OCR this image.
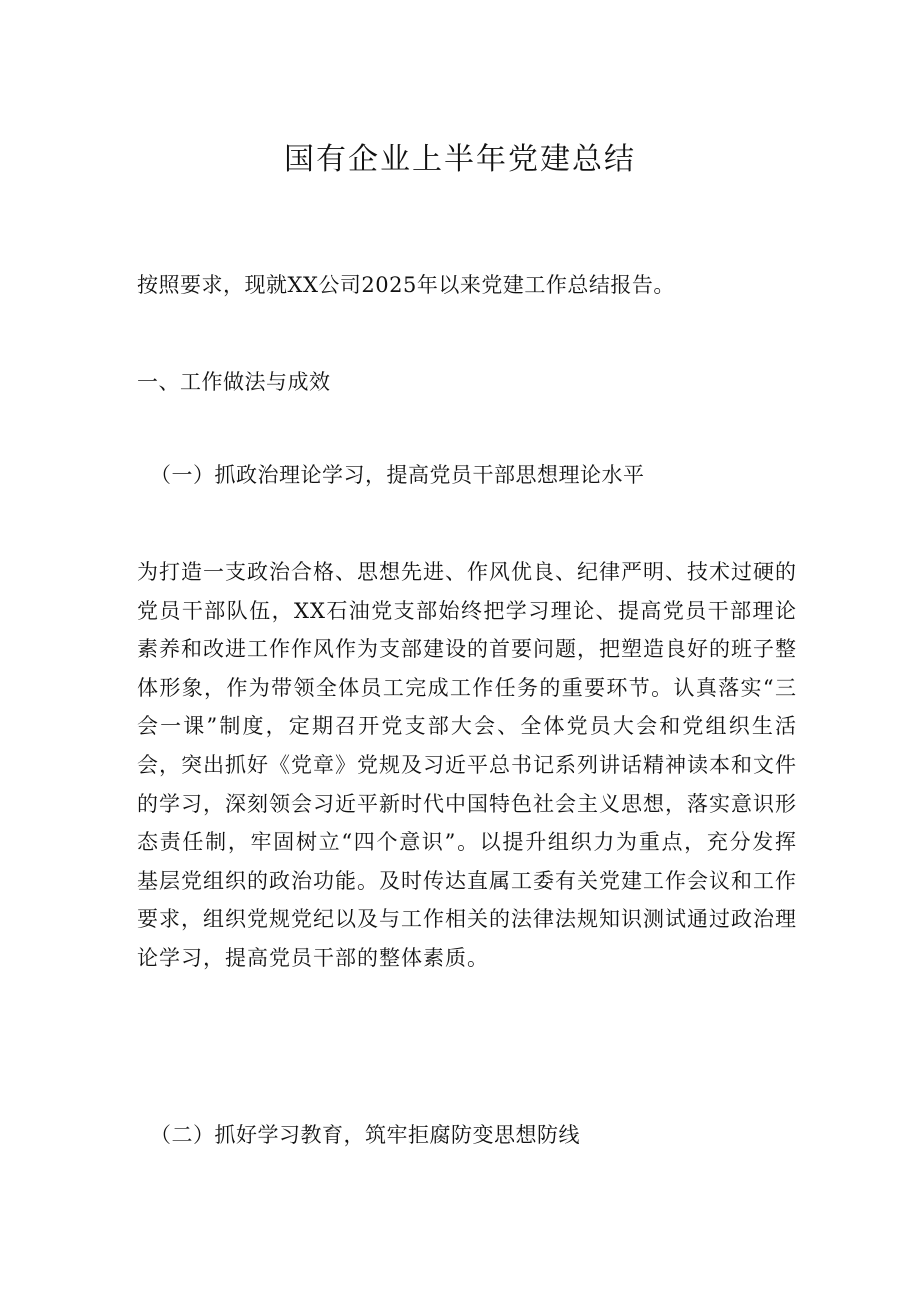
国有企业上半年党建总结

按照要求，现就XX公司2025年以来党建工作总结报告。

一、工作做法与成效

（一）抓政治理论学习，提高党员干部思想理论水平

为打造一支政治合格、思想先进、作风优良、纪律严明、技术过硬的党员干部队伍，XX石油党支部始终把学习理论、提高党员干部理论素养和改进工作作风作为支部建设的首要问题，把塑造良好的班子整体形象，作为带领全体员工完成工作任务的重要环节。认真落实“三会一课”制度，定期召开党支部大会、全体党员大会和党组织生活会，突出抓好《党章》党规及习近平总书记系列讲话精神读本和文件的学习，深刻领会习近平新时代中国特色社会主义思想，落实意识形态责任制，牢固树立“四个意识”。以提升组织力为重点，充分发挥基层党组织的政治功能。及时传达直属工委有关党建工作会议和工作要求，组织党规党纪以及与工作相关的法律法规知识测试通过政治理论学习，提高党员干部的整体素质。

（二）抓好学习教育，筑牢拒腐防变思想防线
